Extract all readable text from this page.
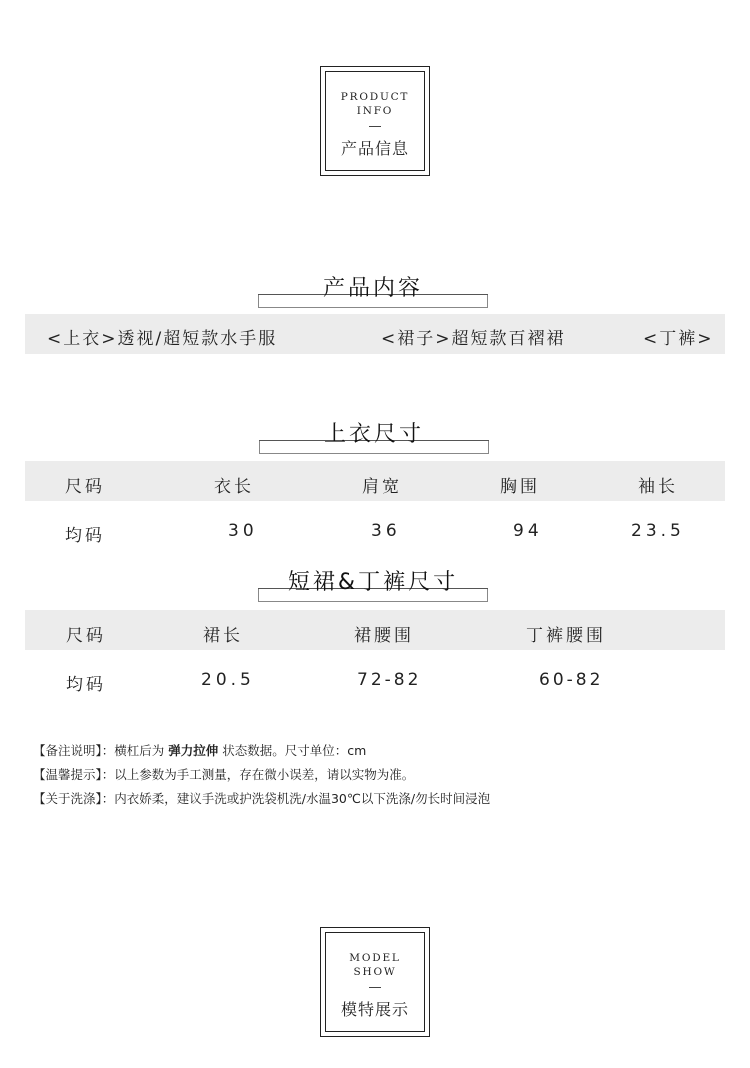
PRODUCT
INFO
产品信息
产品内容
<上衣>透视/超短款水手服	<裙子>超短款百褶裙	<丁裤>
上衣尺寸
尺码	衣长	肩宽	胸围	袖长
均码	30	36	94	23.5
短裙&丁裤尺寸
尺码	裙长	裙腰围	丁裤腰围
均码	20.5	72-82	60-82
【备注说明】：横杠后为 弹力拉伸 状态数据。尺寸单位：cm
【温馨提示】：以上参数为手工测量，存在微小误差，请以实物为准。
【关于洗涤】：内衣娇柔，建议手洗或护洗袋机洗/水温30℃以下洗涤/勿长时间浸泡
MODEL
SHOW
模特展示
